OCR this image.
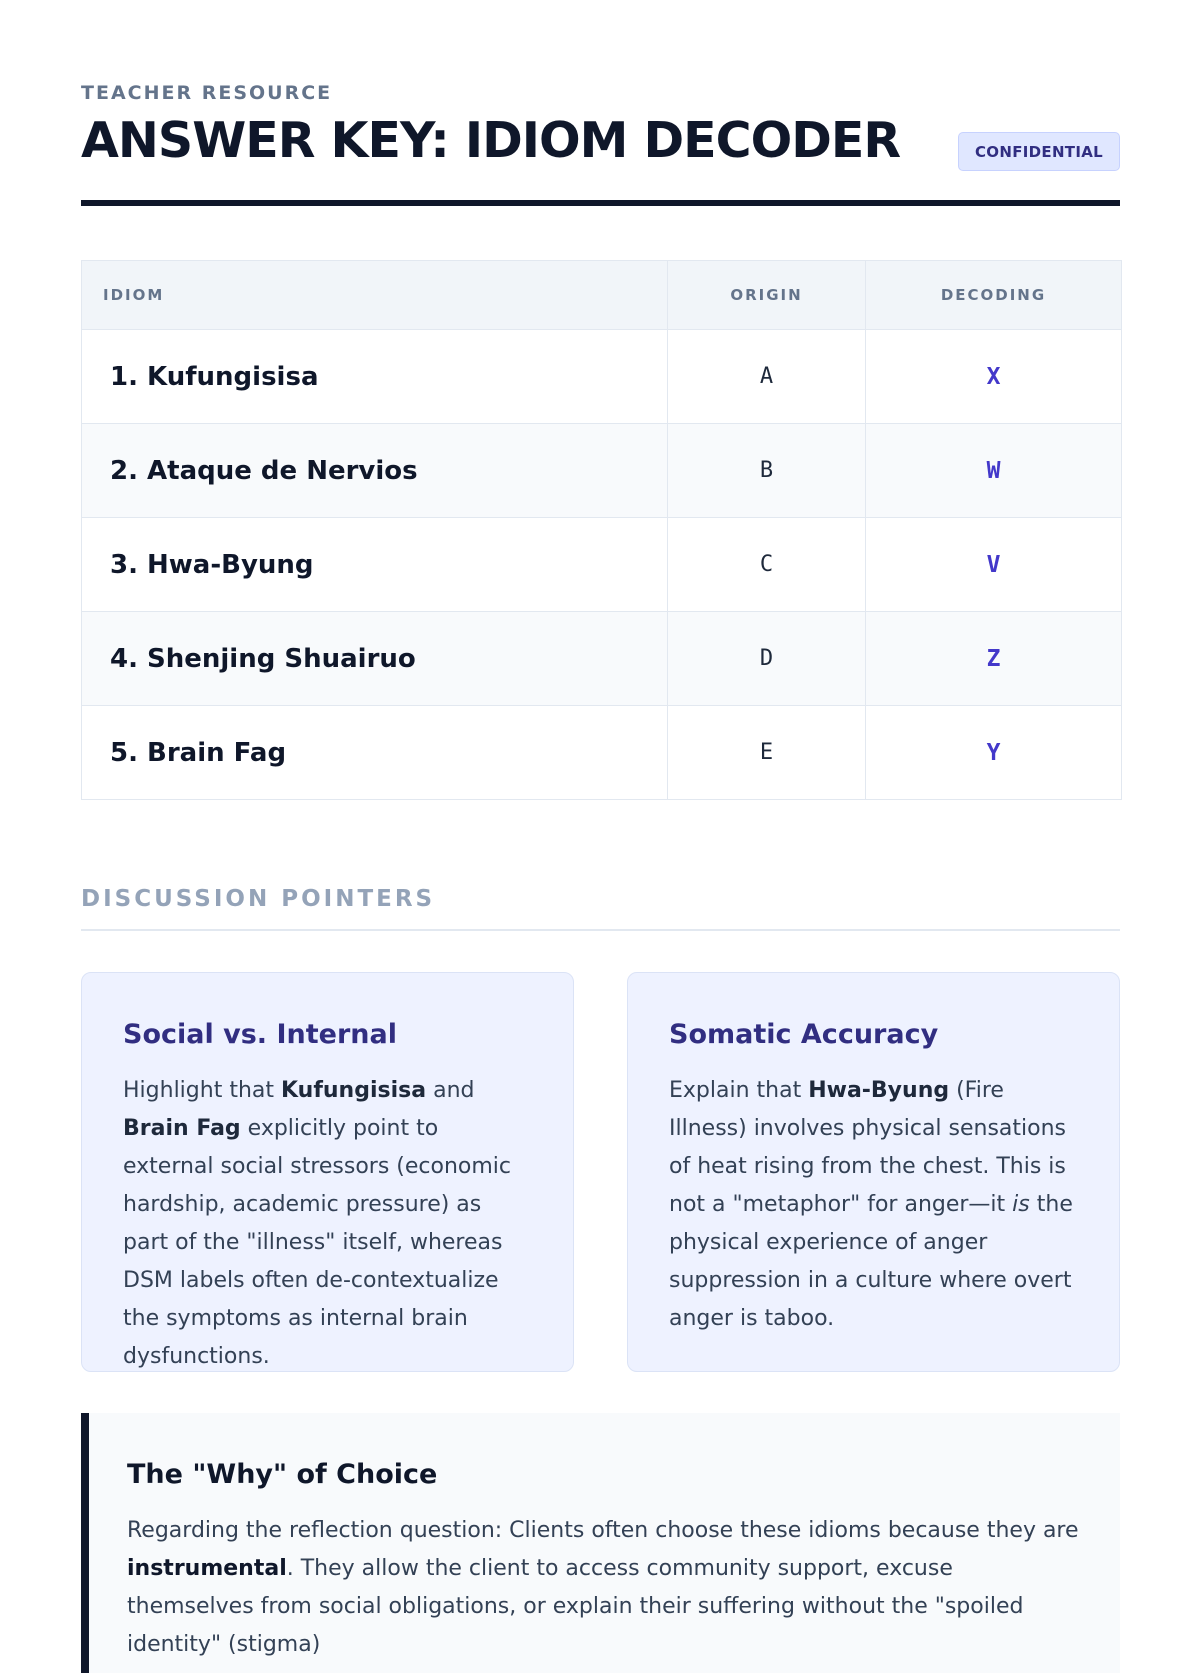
TEACHER RESOURCE
ANSWER KEY: IDIOM DECODER	CONFIDENTIAL
IDIOM	ORIGIN	DECODING
1. Kufungisisa	A	X
2. Ataque de Nervios	B	W
3. Hwa-Byung	C	V
4. Shenjing Shuairuo	D	Z
5. Brain Fag	E	Y
DISCUSSION POINTERS
Social vs. Internal

Highlight that Kufungisisa and Brain Fag explicitly point to external social stressors (economic hardship, academic pressure) as part of the "illness" itself, whereas DSM labels often de-contextualize the symptoms as internal brain dysfunctions.

Somatic Accuracy

Explain that Hwa-Byung (Fire Illness) involves physical sensations of heat rising from the chest. This is not a "metaphor" for anger—it is the physical experience of anger suppression in a culture where overt anger is taboo.

The "Why" of Choice

Regarding the reflection question: Clients often choose these idioms because they are instrumental. They allow the client to access community support, excuse themselves from social obligations, or explain their suffering without the "spoiled identity" (stigma)
